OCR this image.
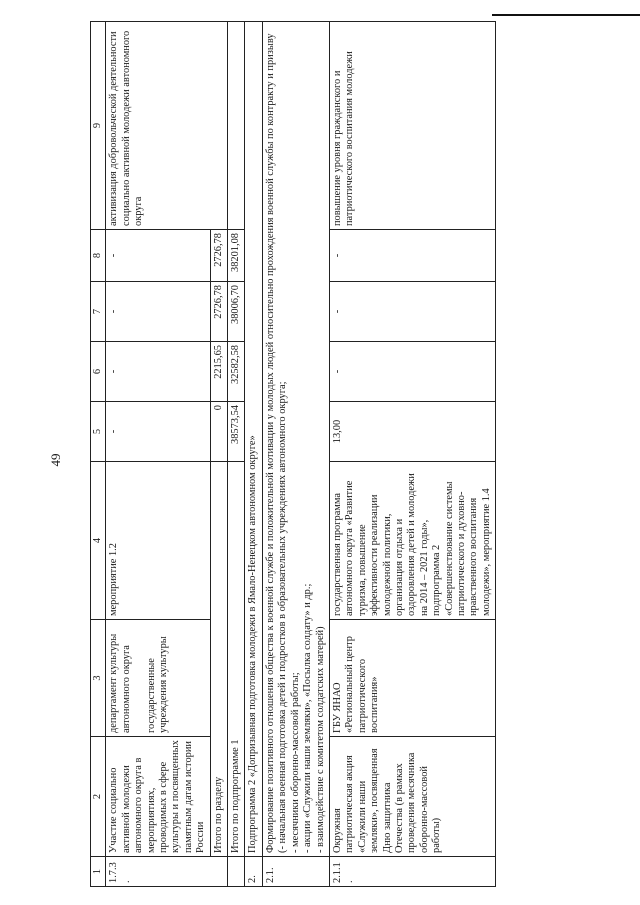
49
1	2	3	4	5	6	7	8	9
1.7.3.	Участие социально активной молодежи автономного округа в мероприятиях, проводимых в сфере культуры и посвященных памятным датам истории России	департамент культуры автономного округа

государственные учреждения культуры	мероприятие 1.2	-	-	-	-	активизация добровольческой деятельности социально активной молодежи автономного округа
	Итого по разделу			0	2215,65	2726,78	2726,78	
	Итого по подпрограмме 1			38573,54	32582,58	38006,70	38201,08	
2.	Подпрограмма 2 «Допризывная подготовка молодежи в Ямало-Ненецком автономном округе»							
2.1.	Формирование позитивного отношения общества к военной службе и положительной мотивации у молодых людей относительно прохождения военной службы по контракту и призыву (- начальная военная подготовка детей и подростков в образовательных учреждениях автономного округа; - месячники оборонно-массовой работы; - акции «Служили наши земляки», «Посылка солдату» и др.; - взаимодействие с комитетом солдатских матерей)							

2.1.1.	Окружная патриотическая акция «Служили наши земляки», посвященная Дню защитника Отечества (в рамках проведения месячника оборонно-массовой работы)	ГБУ ЯНАО «Региональный центр патриотического воспитания»	государственная программа автономного округа «Развитие туризма, повышение эффективности реализации молодежной политики, организация отдыха и оздоровления детей и молодежи на 2014 – 2021 годы», подпрограмма 2 «Совершенствование системы патриотического и духовно-нравственного воспитания молодежи», мероприятие 1.4	13,00	-	-	-	повышение уровня гражданского и патриотического воспитания молодежи
